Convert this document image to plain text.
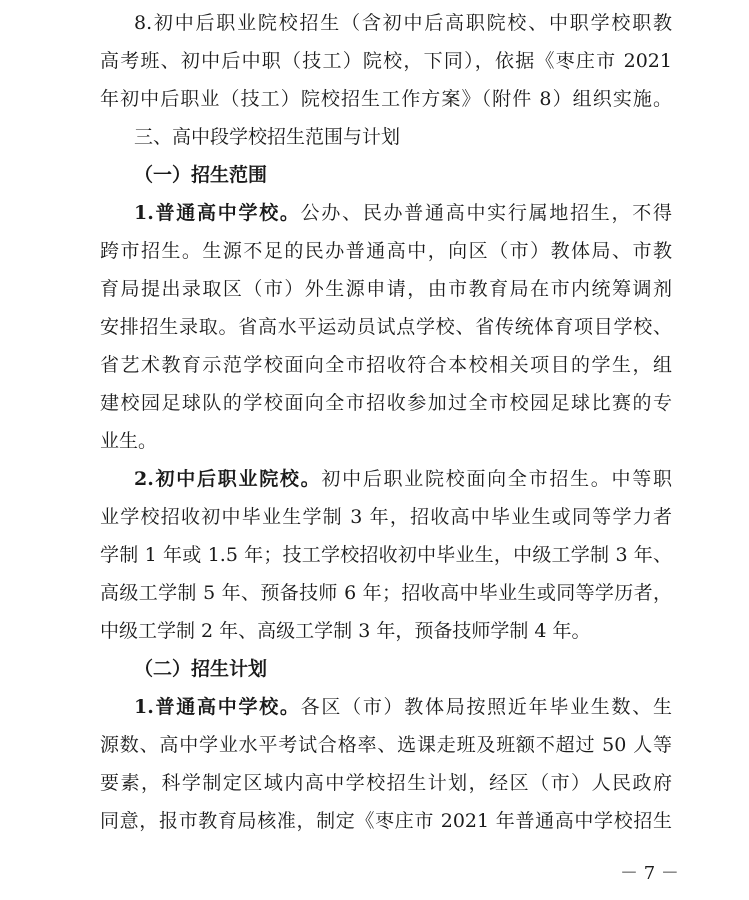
8.初中后职业院校招生（含初中后高职院校、中职学校职教
高考班、初中后中职（技工）院校，下同），依据《枣庄市 2021
年初中后职业（技工）院校招生工作方案》（附件 8）组织实施。
三、高中段学校招生范围与计划
（一）招生范围
1.普通高中学校。公办、民办普通高中实行属地招生，不得
跨市招生。生源不足的民办普通高中，向区（市）教体局、市教
育局提出录取区（市）外生源申请，由市教育局在市内统筹调剂
安排招生录取。省高水平运动员试点学校、省传统体育项目学校、
省艺术教育示范学校面向全市招收符合本校相关项目的学生，组
建校园足球队的学校面向全市招收参加过全市校园足球比赛的专
业生。
2.初中后职业院校。初中后职业院校面向全市招生。中等职
业学校招收初中毕业生学制 3 年，招收高中毕业生或同等学力者
学制 1 年或 1.5 年；技工学校招收初中毕业生，中级工学制 3 年、
高级工学制 5 年、预备技师 6 年；招收高中毕业生或同等学历者，
中级工学制 2 年、高级工学制 3 年，预备技师学制 4 年。
（二）招生计划
1.普通高中学校。各区（市）教体局按照近年毕业生数、生
源数、高中学业水平考试合格率、选课走班及班额不超过 50 人等
要素，科学制定区域内高中学校招生计划，经区（市）人民政府
同意，报市教育局核准，制定《枣庄市 2021 年普通高中学校招生
－ 7 －
